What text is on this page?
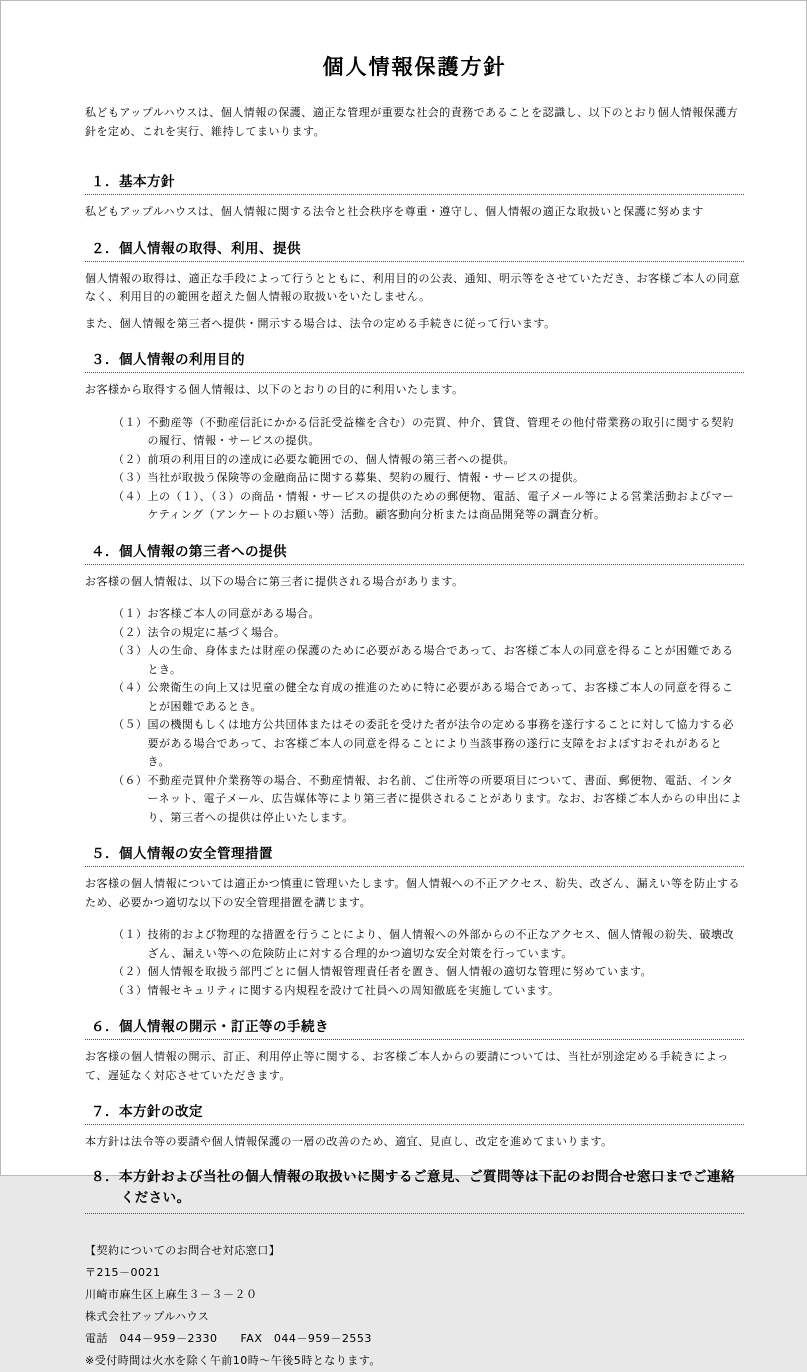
個人情報保護方針

私どもアップルハウスは、個人情報の保護、適正な管理が重要な社会的責務であることを認識し、以下のとおり個人情報保護方針を定め、これを実行、維持してまいります。

１．基本方針

私どもアップルハウスは、個人情報に関する法令と社会秩序を尊重・遵守し、個人情報の適正な取扱いと保護に努めます

２．個人情報の取得、利用、提供

個人情報の取得は、適正な手段によって行うとともに、利用目的の公表、通知、明示等をさせていただき、お客様ご本人の同意なく、利用目的の範囲を超えた個人情報の取扱いをいたしません。

また、個人情報を第三者へ提供・開示する場合は、法令の定める手続きに従って行います。

３．個人情報の利用目的

お客様から取得する個人情報は、以下のとおりの目的に利用いたします。

（１） 不動産等（不動産信託にかかる信託受益権を含む）の売買、仲介、賃貸、管理その他付帯業務の取引に関する契約の履行、情報・サービスの提供。
（２） 前項の利用目的の達成に必要な範囲での、個人情報の第三者への提供。
（３） 当社が取扱う保険等の金融商品に関する募集、契約の履行、情報・サービスの提供。
（４） 上の（１）、（３）の商品・情報・サービスの提供のための郵便物、電話、電子メール等による営業活動およびマーケティング（アンケートのお願い等）活動。顧客動向分析または商品開発等の調査分析。
４．個人情報の第三者への提供

お客様の個人情報は、以下の場合に第三者に提供される場合があります。

（１） お客様ご本人の同意がある場合。
（２） 法令の規定に基づく場合。
（３） 人の生命、身体または財産の保護のために必要がある場合であって、お客様ご本人の同意を得ることが困難であるとき。
（４） 公衆衛生の向上又は児童の健全な育成の推進のために特に必要がある場合であって、お客様ご本人の同意を得ることが困難であるとき。
（５） 国の機関もしくは地方公共団体またはその委託を受けた者が法令の定める事務を遂行することに対して協力する必要がある場合であって、お客様ご本人の同意を得ることにより当該事務の遂行に支障をおよぼすおそれがあるとき。
（６） 不動産売買仲介業務等の場合、不動産情報、お名前、ご住所等の所要項目について、書面、郵便物、電話、インターネット、電子メール、広告媒体等により第三者に提供されることがあります。なお、お客様ご本人からの申出により、第三者への提供は停止いたします。
５．個人情報の安全管理措置

お客様の個人情報については適正かつ慎重に管理いたします。個人情報への不正アクセス、紛失、改ざん、漏えい等を防止するため、必要かつ適切な以下の安全管理措置を講じます。

（１） 技術的および物理的な措置を行うことにより、個人情報への外部からの不正なアクセス、個人情報の紛失、破壊改ざん、漏えい等への危険防止に対する合理的かつ適切な安全対策を行っています。
（２） 個人情報を取扱う部門ごとに個人情報管理責任者を置き、個人情報の適切な管理に努めています。
（３） 情報セキュリティに関する内規程を設けて社員への周知徹底を実施しています。
６．個人情報の開示・訂正等の手続き

お客様の個人情報の開示、訂正、利用停止等に関する、お客様ご本人からの要請については、当社が別途定める手続きによって、遅延なく対応させていただきます。

７．本方針の改定

本方針は法令等の要請や個人情報保護の一層の改善のため、適宜、見直し、改定を進めてまいります。

８．本方針および当社の個人情報の取扱いに関するご意見、ご質問等は下記のお問合せ窓口までご連絡ください。
【契約についてのお問合せ対応窓口】
〒215－0021
川崎市麻生区上麻生３－３－２０
株式会社アップルハウス
電話　044－959－2330　　FAX　044－959－2553
※受付時間は火水を除く午前10時～午後5時となります。
